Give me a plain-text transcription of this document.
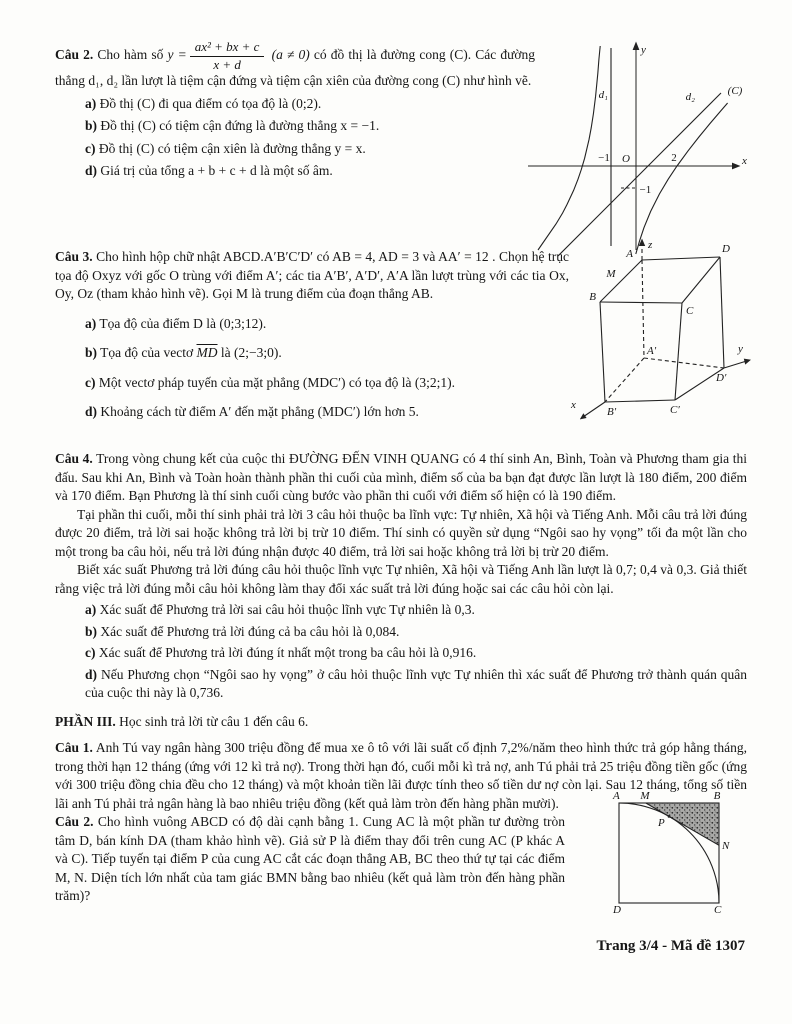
y
x
d₁	d₂	(C)
−1 O	2
−1

Câu 2. Cho hàm số $y = \frac{\text{ax² + bx + c}}{x + d} (a \ne 0)$ có đồ thị là đường cong (C). Các đường thẳng d₁, d₂ lần lượt là tiệm cận đứng và tiệm cận xiên của đường cong (C) như hình vẽ.

a) Đồ thị (C) đi qua điểm có tọa độ là (0;2).

b) Đồ thị (C) có tiệm cận đứng là đường thẳng x = −1.

c) Đồ thị (C) có tiệm cận xiên là đường thẳng y = x.

d) Giá trị của tổng a + b + c + d là một số âm.

A
M
B
C
D
A′
B′	C′
D′
z
y
x

Câu 3. Cho hình hộp chữ nhật ABCD.A′B′C′D′ có AB = 4, AD = 3 và AA′ = 12 . Chọn hệ trục tọa độ Oxyz với gốc O trùng với điểm A′; các tia A′B′, A′D′, A′A lần lượt trùng với các tia Ox, Oy, Oz (tham khảo hình vẽ). Gọi M là trung điểm của đoạn thẳng AB.

a) Tọa độ của điểm D là (0;3;12).

b) Tọa độ của vectơ $\overline{MD}$ là (2;−3;0).

c) Một vectơ pháp tuyến của mặt phẳng (MDC′) có tọa độ là (3;2;1).

d) Khoảng cách từ điểm A′ đến mặt phẳng (MDC′) lớn hơn 5.

Câu 4. Trong vòng chung kết của cuộc thi ĐƯỜNG ĐẾN VINH QUANG có 4 thí sinh An, Bình, Toàn và Phương tham gia thi đấu. Sau khi An, Bình và Toàn hoàn thành phần thi cuối của mình, điểm số của ba bạn đạt được lần lượt là 180 điểm, 200 điểm và 170 điểm. Bạn Phương là thí sinh cuối cùng bước vào phần thi cuối với điểm số hiện có là 190 điểm.

Tại phần thi cuối, mỗi thí sinh phải trả lời 3 câu hỏi thuộc ba lĩnh vực: Tự nhiên, Xã hội và Tiếng Anh. Mỗi câu trả lời đúng được 20 điểm, trả lời sai hoặc không trả lời bị trừ 10 điểm. Thí sinh có quyền sử dụng “Ngôi sao hy vọng” tối đa một lần cho một trong ba câu hỏi, nếu trả lời đúng nhận được 40 điểm, trả lời sai hoặc không trả lời bị trừ 20 điểm.

Biết xác suất Phương trả lời đúng câu hỏi thuộc lĩnh vực Tự nhiên, Xã hội và Tiếng Anh lần lượt là 0,7; 0,4 và 0,3. Giả thiết rằng việc trả lời đúng mỗi câu hỏi không làm thay đổi xác suất trả lời đúng hoặc sai các câu hỏi còn lại.

a) Xác suất để Phương trả lời sai câu hỏi thuộc lĩnh vực Tự nhiên là 0,3.

b) Xác suất để Phương trả lời đúng cả ba câu hỏi là 0,084.

c) Xác suất để Phương trả lời đúng ít nhất một trong ba câu hỏi là 0,916.

d) Nếu Phương chọn “Ngôi sao hy vọng” ở câu hỏi thuộc lĩnh vực Tự nhiên thì xác suất để Phương trở thành quán quân của cuộc thi này là 0,736.

PHẦN III. Học sinh trả lời từ câu 1 đến câu 6.

Câu 1. Anh Tú vay ngân hàng 300 triệu đồng để mua xe ô tô với lãi suất cố định 7,2%/năm theo hình thức trả góp hằng tháng, trong thời hạn 12 tháng (ứng với 12 kì trả nợ). Trong thời hạn đó, cuối mỗi kì trả nợ, anh Tú phải trả 25 triệu đồng tiền gốc (ứng với 300 triệu đồng chia đều cho 12 tháng) và một khoản tiền lãi được tính theo số tiền dư nợ còn lại. Sau 12 tháng, tổng số tiền lãi anh Tú phải trả ngân hàng là bao nhiêu triệu đồng (kết quả làm tròn đến hàng phần mười).	A M	B
P
N
D	C

Câu 2. Cho hình vuông ABCD có độ dài cạnh bằng 1. Cung AC là một phần tư đường tròn tâm D, bán kính DA (tham khảo hình vẽ). Giả sử P là điểm thay đổi trên cung AC (P khác A và C). Tiếp tuyến tại điểm P của cung AC cắt các đoạn thẳng AB, BC theo thứ tự tại các điểm M, N. Diện tích lớn nhất của tam giác BMN bằng bao nhiêu (kết quả làm tròn đến hàng phần trăm)?

Trang 3/4 - Mã đề 1307
